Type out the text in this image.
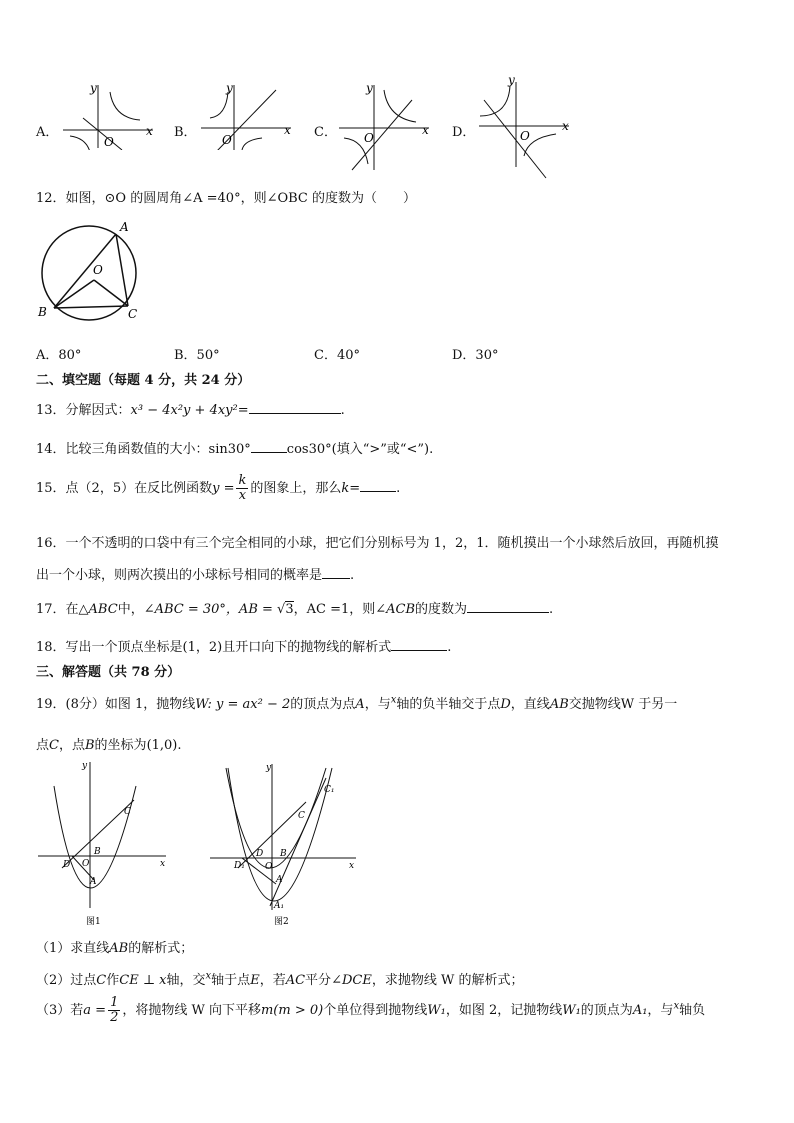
A．	B．	C．	D．
y
x
O
y
x
O
y
x
O
y
x
O
12．如图，⊙O 的圆周角∠A =40°，则∠OBC 的度数为（　　）
A
B	C
O
A．80°	B．50°	C．40°	D．30°
二、填空题（每题 4 分，共 24 分）
13．分解因式：x³ − 4x²y + 4xy²=	.
14．比较三角函数值的大小：sin30°	cos30°(填入“>”或“<”).
15．点（2，5）在反比例函数$y = \frac{k}{x}$ 的图象上，那么k=	.
16．一个不透明的口袋中有三个完全相同的小球，把它们分别标号为 1，2，1．随机摸出一个小球然后放回，再随机摸
出一个小球，则两次摸出的小球标号相同的概率是 .
17．在△ABC中，∠ABC = 30°，AB = √3，AC =1，则∠ACB的度数为	.
18．写出一个顶点坐标是(1，2)且开口向下的抛物线的解析式	.
三、解答题（共 78 分）
19．(8分）如图 1，抛物线W: y = ax² − 2的顶点为点A，与$^x$轴的负半轴交于点D，直线AB交抛物线W 于另一
点C，点B的坐标为(1,0).
y
x
D O
B
A
C
图1
y
x
D₁
D
O
B
A
A₁
C
C₁
图2
（1）求直线AB的解析式；
（2）过点C作CE ⊥ x轴，交$^x$轴于点E，若AC平分∠DCE，求抛物线 W 的解析式；
（3）若$a = \frac{1}{2}$ ，将抛物线 W 向下平移m(m > 0)个单位得到抛物线W₁，如图 2，记抛物线W₁的顶点为A₁，与$^x$轴负
